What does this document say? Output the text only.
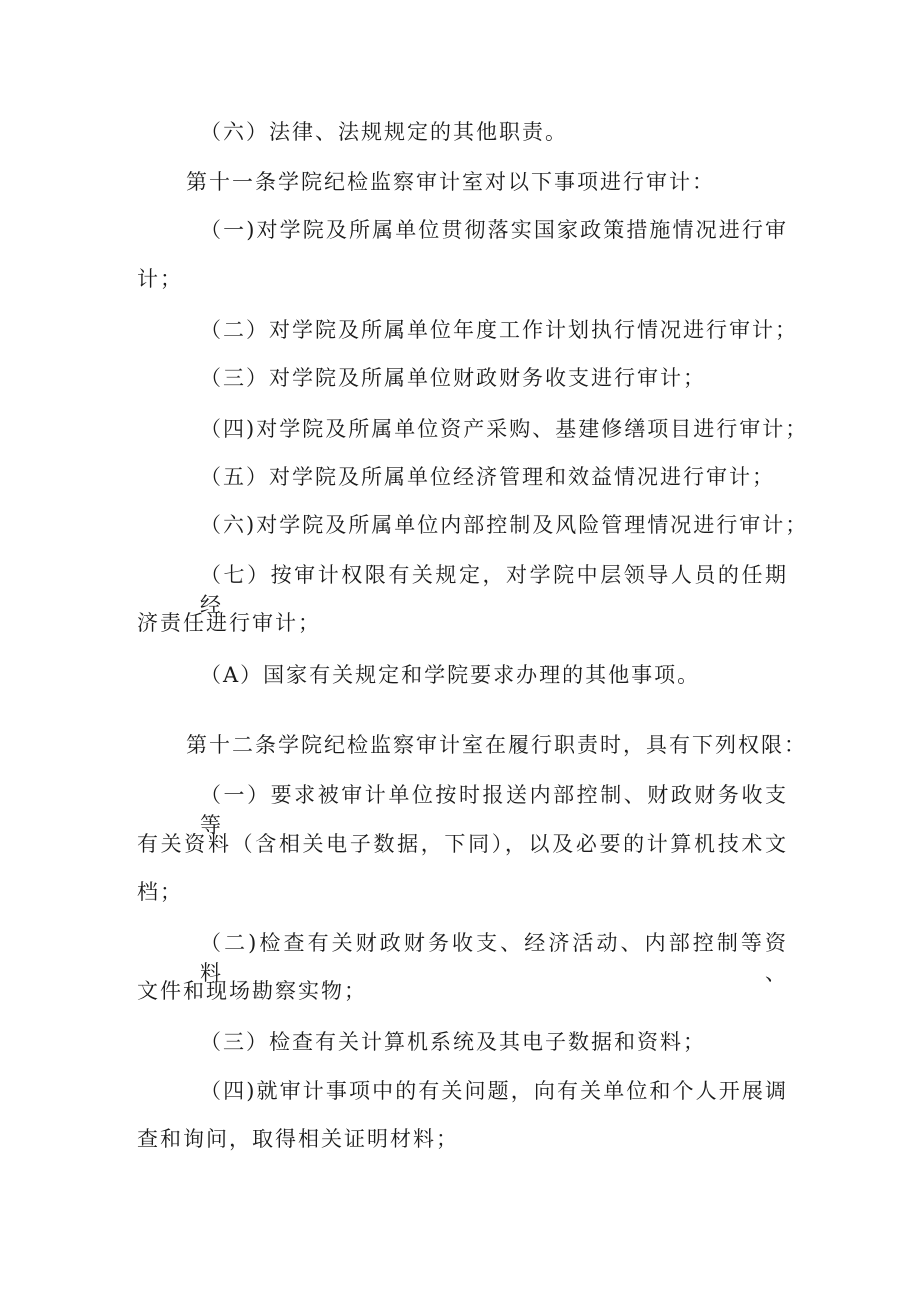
（六）法律、法规规定的其他职责。
第十一条学院纪检监察审计室对以下事项进行审计：
（一)对学院及所属单位贯彻落实国家政策措施情况进行审
计；
（二）对学院及所属单位年度工作计划执行情况进行审计；
（三）对学院及所属单位财政财务收支进行审计；
（四)对学院及所属单位资产采购、基建修缮项目进行审计；
（五）对学院及所属单位经济管理和效益情况进行审计；
（六)对学院及所属单位内部控制及风险管理情况进行审计；
（七）按审计权限有关规定，对学院中层领导人员的任期经
济责任进行审计；
（A）国家有关规定和学院要求办理的其他事项。
第十二条学院纪检监察审计室在履行职责时，具有下列权限：
（一）要求被审计单位按时报送内部控制、财政财务收支等
有关资料（含相关电子数据，下同），以及必要的计算机技术文
档；
（二)检查有关财政财务收支、经济活动、内部控制等资料、
文件和现场勘察实物；
（三）检查有关计算机系统及其电子数据和资料；
（四)就审计事项中的有关问题，向有关单位和个人开展调
查和询问，取得相关证明材料；
